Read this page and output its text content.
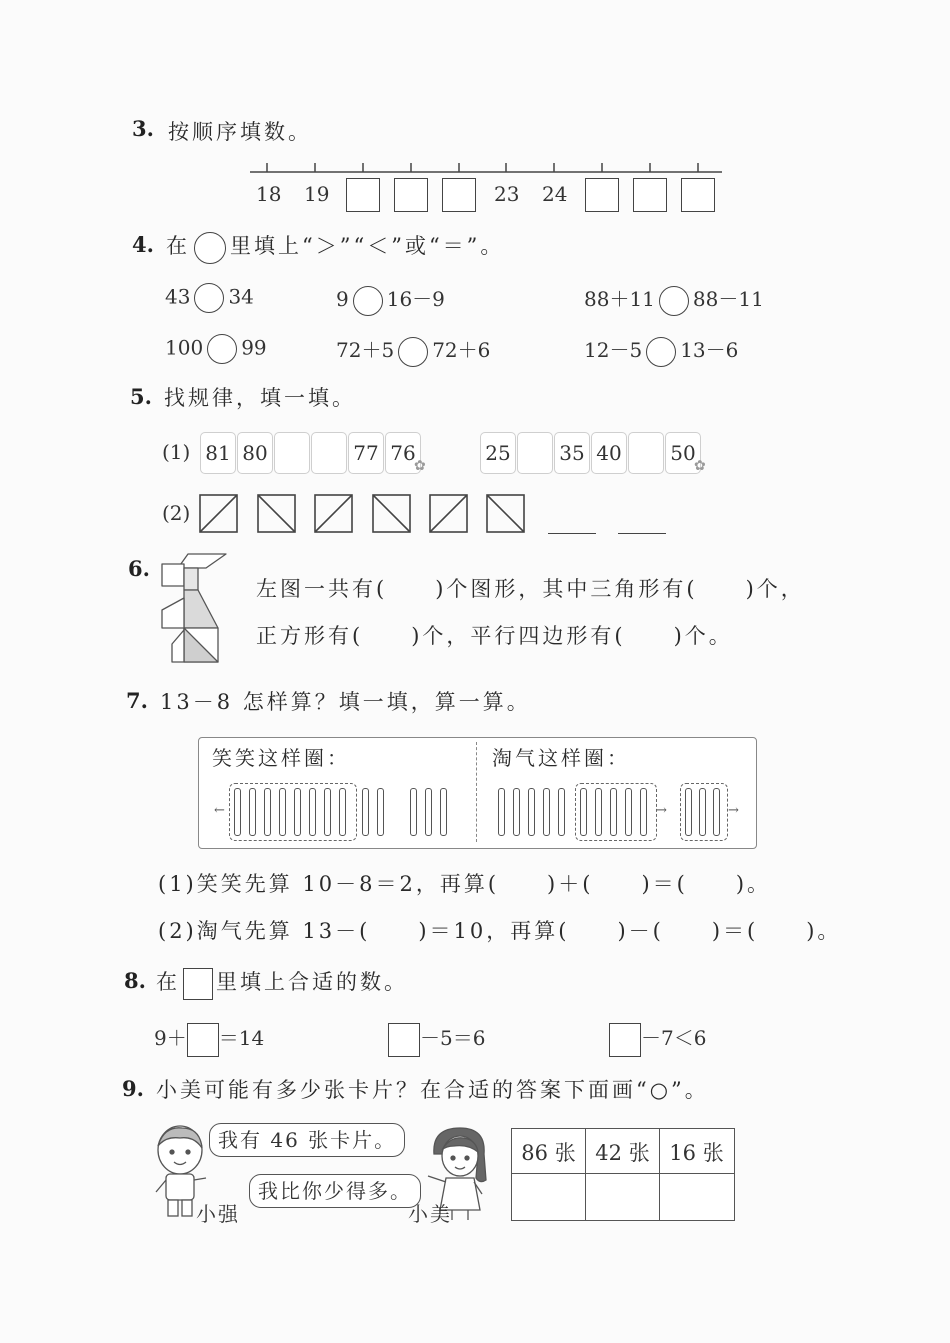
3. 按顺序填数。
18 19	23 24
4. 在 里填上“＞”“＜”或“＝”。
43 34	9 16－9	88＋11 88－11
100 99	72＋5 72＋6	12－5 13－6
5. 找规律，填一填。
(1) 81 80	77 76
✿
25 35 40 50
✿
(2)
6.
左图一共有(　　)个图形，其中三角形有(　　)个，
正方形有(　　)个，平行四边形有(　　)个。
7. 13－8 怎样算？填一填，算一算。
笑笑这样圈：	淘气这样圈：
←	→	→
(1)笑笑先算 10－8＝2，再算(　　)＋(　　)＝(　　)。
(2)淘气先算 13－(　　)＝10，再算(　　)－(　　)＝(　　)。
8. 在 里填上合适的数。
9＋ ＝14	－5＝6	－7＜6
9. 小美可能有多少张卡片？在合适的答案下面画“○”。
我有 46 张卡片。
我比你少得多。
小强	小美
86 张 42 张 16 张
